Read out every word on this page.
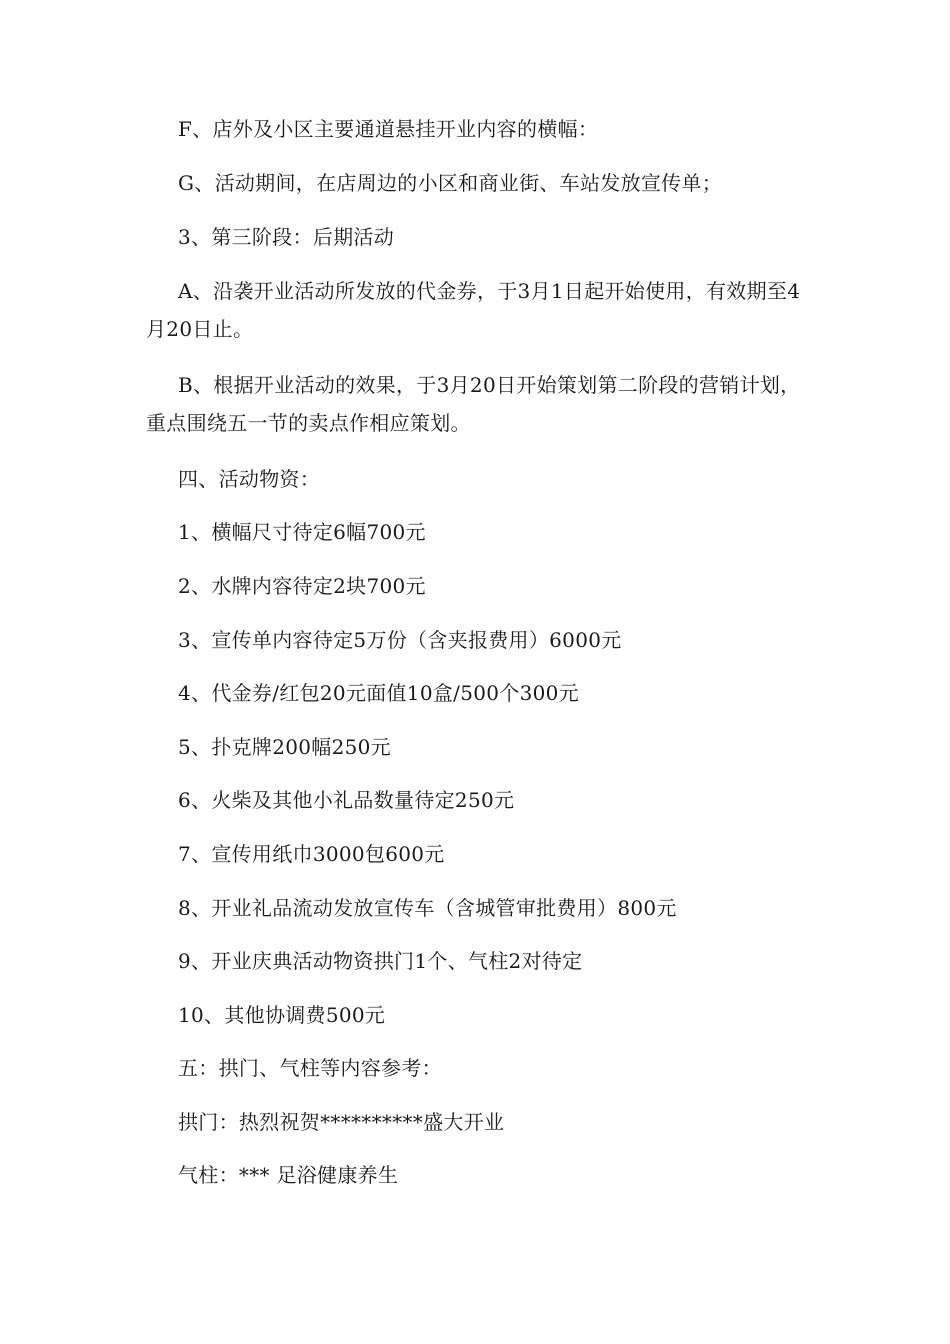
F、店外及小区主要通道悬挂开业内容的横幅：

G、活动期间，在店周边的小区和商业街、车站发放宣传单；

3、第三阶段：后期活动

A、沿袭开业活动所发放的代金券，于3月1日起开始使用，有效期至4月20日止。

B、根据开业活动的效果，于3月20日开始策划第二阶段的营销计划，重点围绕五一节的卖点作相应策划。

四、活动物资：

1、横幅尺寸待定6幅700元

2、水牌内容待定2块700元

3、宣传单内容待定5万份（含夹报费用）6000元

4、代金券/红包20元面值10盒/500个300元

5、扑克牌200幅250元

6、火柴及其他小礼品数量待定250元

7、宣传用纸巾3000包600元

8、开业礼品流动发放宣传车（含城管审批费用）800元

9、开业庆典活动物资拱门1个、气柱2对待定

10、其他协调费500元

五：拱门、气柱等内容参考：

拱门：热烈祝贺**********盛大开业

气柱：*** 足浴健康养生
